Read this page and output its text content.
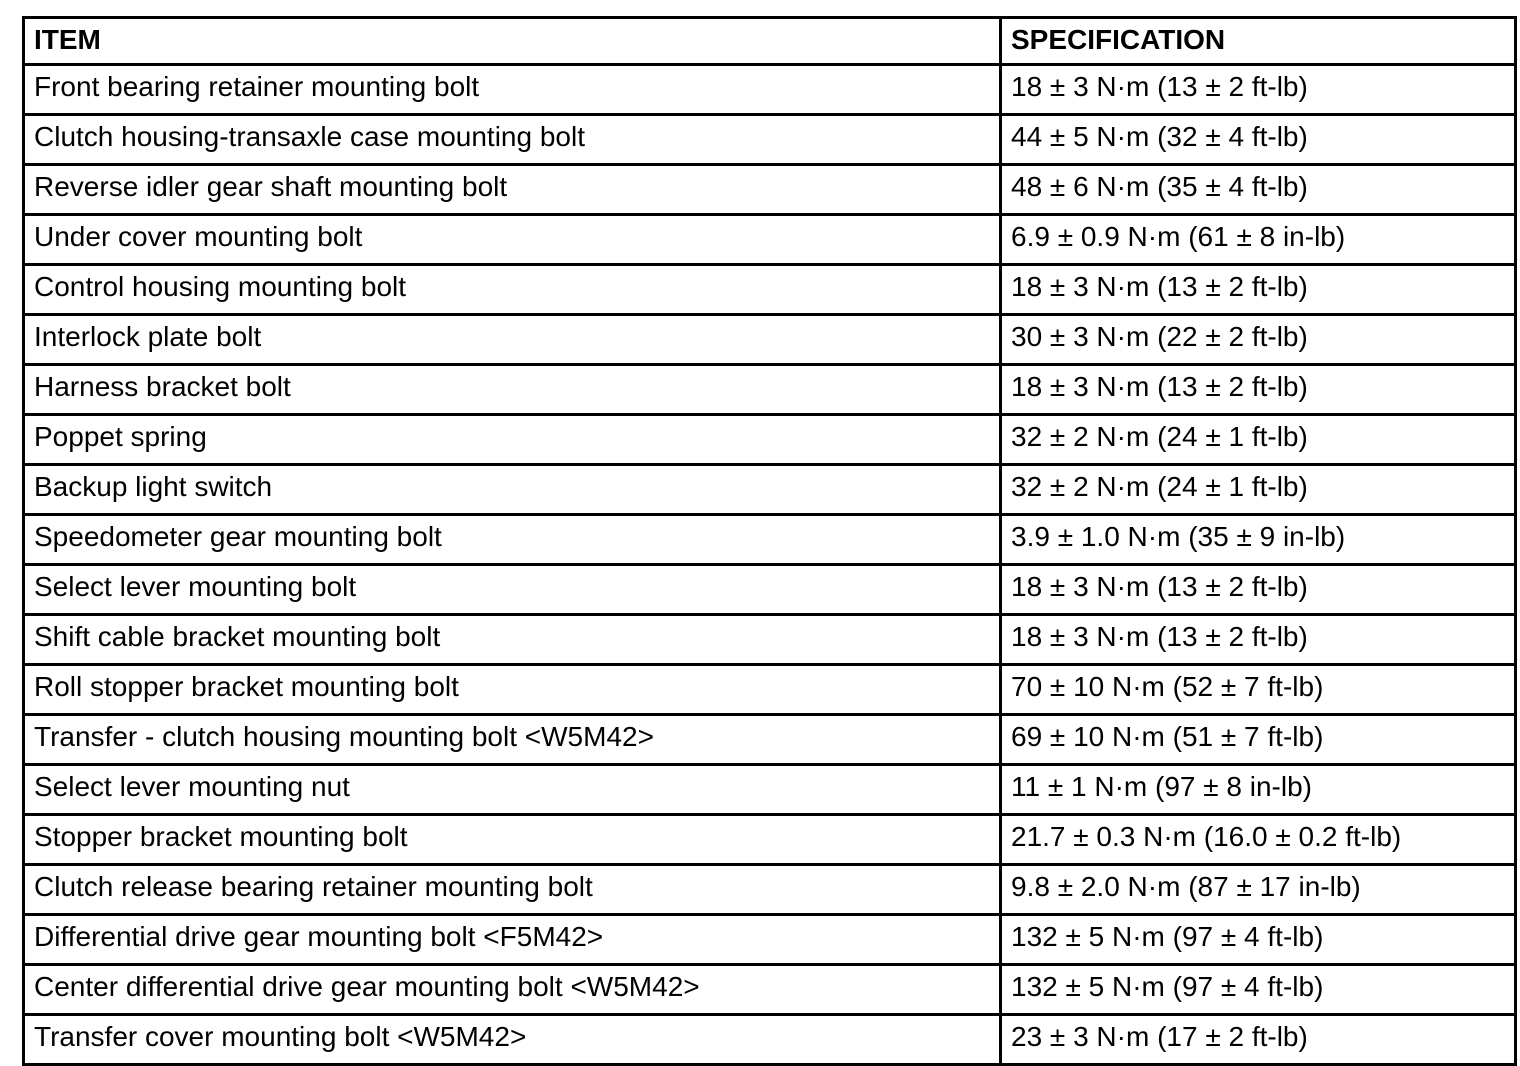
ITEM	SPECIFICATION
Front bearing retainer mounting bolt	18 ± 3 N·m (13 ± 2 ft-lb)
Clutch housing-transaxle case mounting bolt	44 ± 5 N·m (32 ± 4 ft-lb)
Reverse idler gear shaft mounting bolt	48 ± 6 N·m (35 ± 4 ft-lb)
Under cover mounting bolt	6.9 ± 0.9 N·m (61 ± 8 in-lb)
Control housing mounting bolt	18 ± 3 N·m (13 ± 2 ft-lb)
Interlock plate bolt	30 ± 3 N·m (22 ± 2 ft-lb)
Harness bracket bolt	18 ± 3 N·m (13 ± 2 ft-lb)
Poppet spring	32 ± 2 N·m (24 ± 1 ft-lb)
Backup light switch	32 ± 2 N·m (24 ± 1 ft-lb)
Speedometer gear mounting bolt	3.9 ± 1.0 N·m (35 ± 9 in-lb)
Select lever mounting bolt	18 ± 3 N·m (13 ± 2 ft-lb)
Shift cable bracket mounting bolt	18 ± 3 N·m (13 ± 2 ft-lb)
Roll stopper bracket mounting bolt	70 ± 10 N·m (52 ± 7 ft-lb)
Transfer - clutch housing mounting bolt <W5M42>	69 ± 10 N·m (51 ± 7 ft-lb)
Select lever mounting nut	11 ± 1 N·m (97 ± 8 in-lb)
Stopper bracket mounting bolt	21.7 ± 0.3 N·m (16.0 ± 0.2 ft-lb)
Clutch release bearing retainer mounting bolt	9.8 ± 2.0 N·m (87 ± 17 in-lb)
Differential drive gear mounting bolt <F5M42>	132 ± 5 N·m (97 ± 4 ft-lb)
Center differential drive gear mounting bolt <W5M42>	132 ± 5 N·m (97 ± 4 ft-lb)
Transfer cover mounting bolt <W5M42>	23 ± 3 N·m (17 ± 2 ft-lb)
